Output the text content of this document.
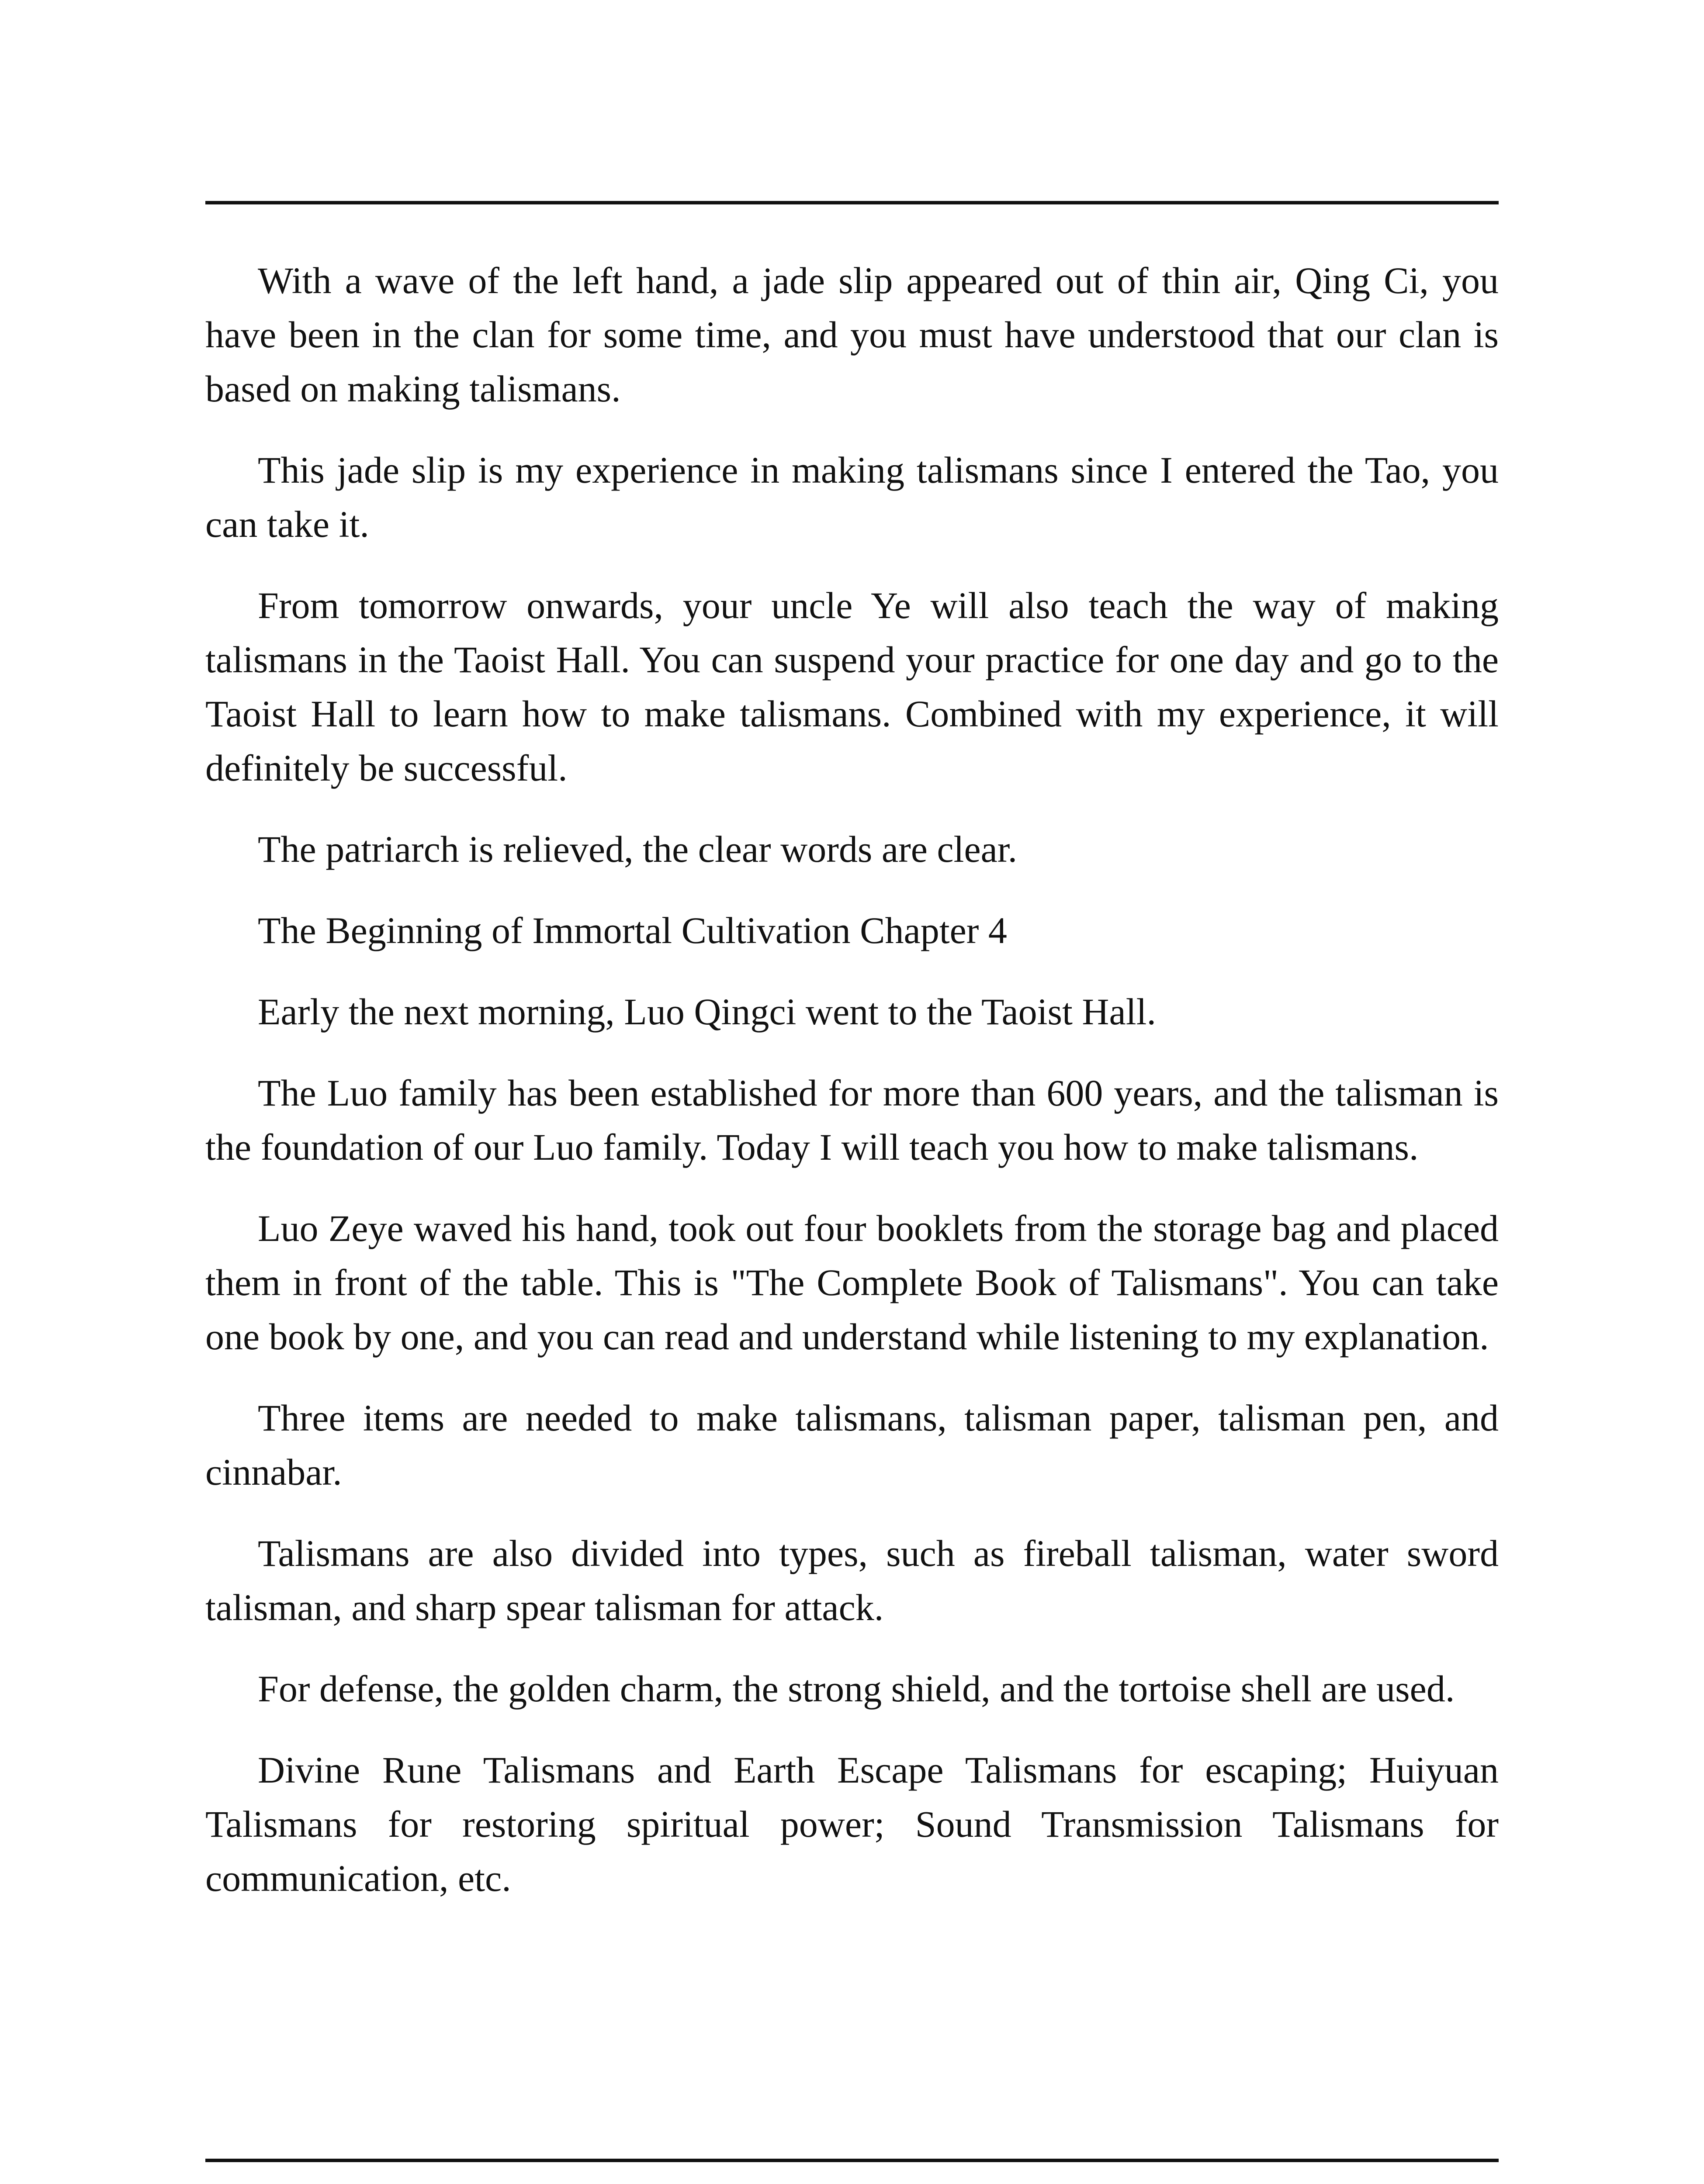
With a wave of the left hand, a jade slip appeared out of thin air, Qing Ci, you have been in the clan for some time, and you must have understood that our clan is based on making talismans.

This jade slip is my experience in making talismans since I entered the Tao, you can take it.

From tomorrow onwards, your uncle Ye will also teach the way of making talismans in the Taoist Hall. You can suspend your practice for one day and go to the Taoist Hall to learn how to make talismans. Combined with my experience, it will definitely be successful.

The patriarch is relieved, the clear words are clear.

The Beginning of Immortal Cultivation Chapter 4

Early the next morning, Luo Qingci went to the Taoist Hall.

The Luo family has been established for more than 600 years, and the talisman is the foundation of our Luo family. Today I will teach you how to make talismans.

Luo Zeye waved his hand, took out four booklets from the storage bag and placed them in front of the table. This is "The Complete Book of Talismans". You can take one book by one, and you can read and understand while listening to my explanation.

Three items are needed to make talismans, talisman paper, talisman pen, and cinnabar.

Talismans are also divided into types, such as fireball talisman, water sword talisman, and sharp spear talisman for attack.

For defense, the golden charm, the strong shield, and the tortoise shell are used.

Divine Rune Talismans and Earth Escape Talismans for escaping; Huiyuan Talismans for restoring spiritual power; Sound Transmission Talismans for communication, etc.
